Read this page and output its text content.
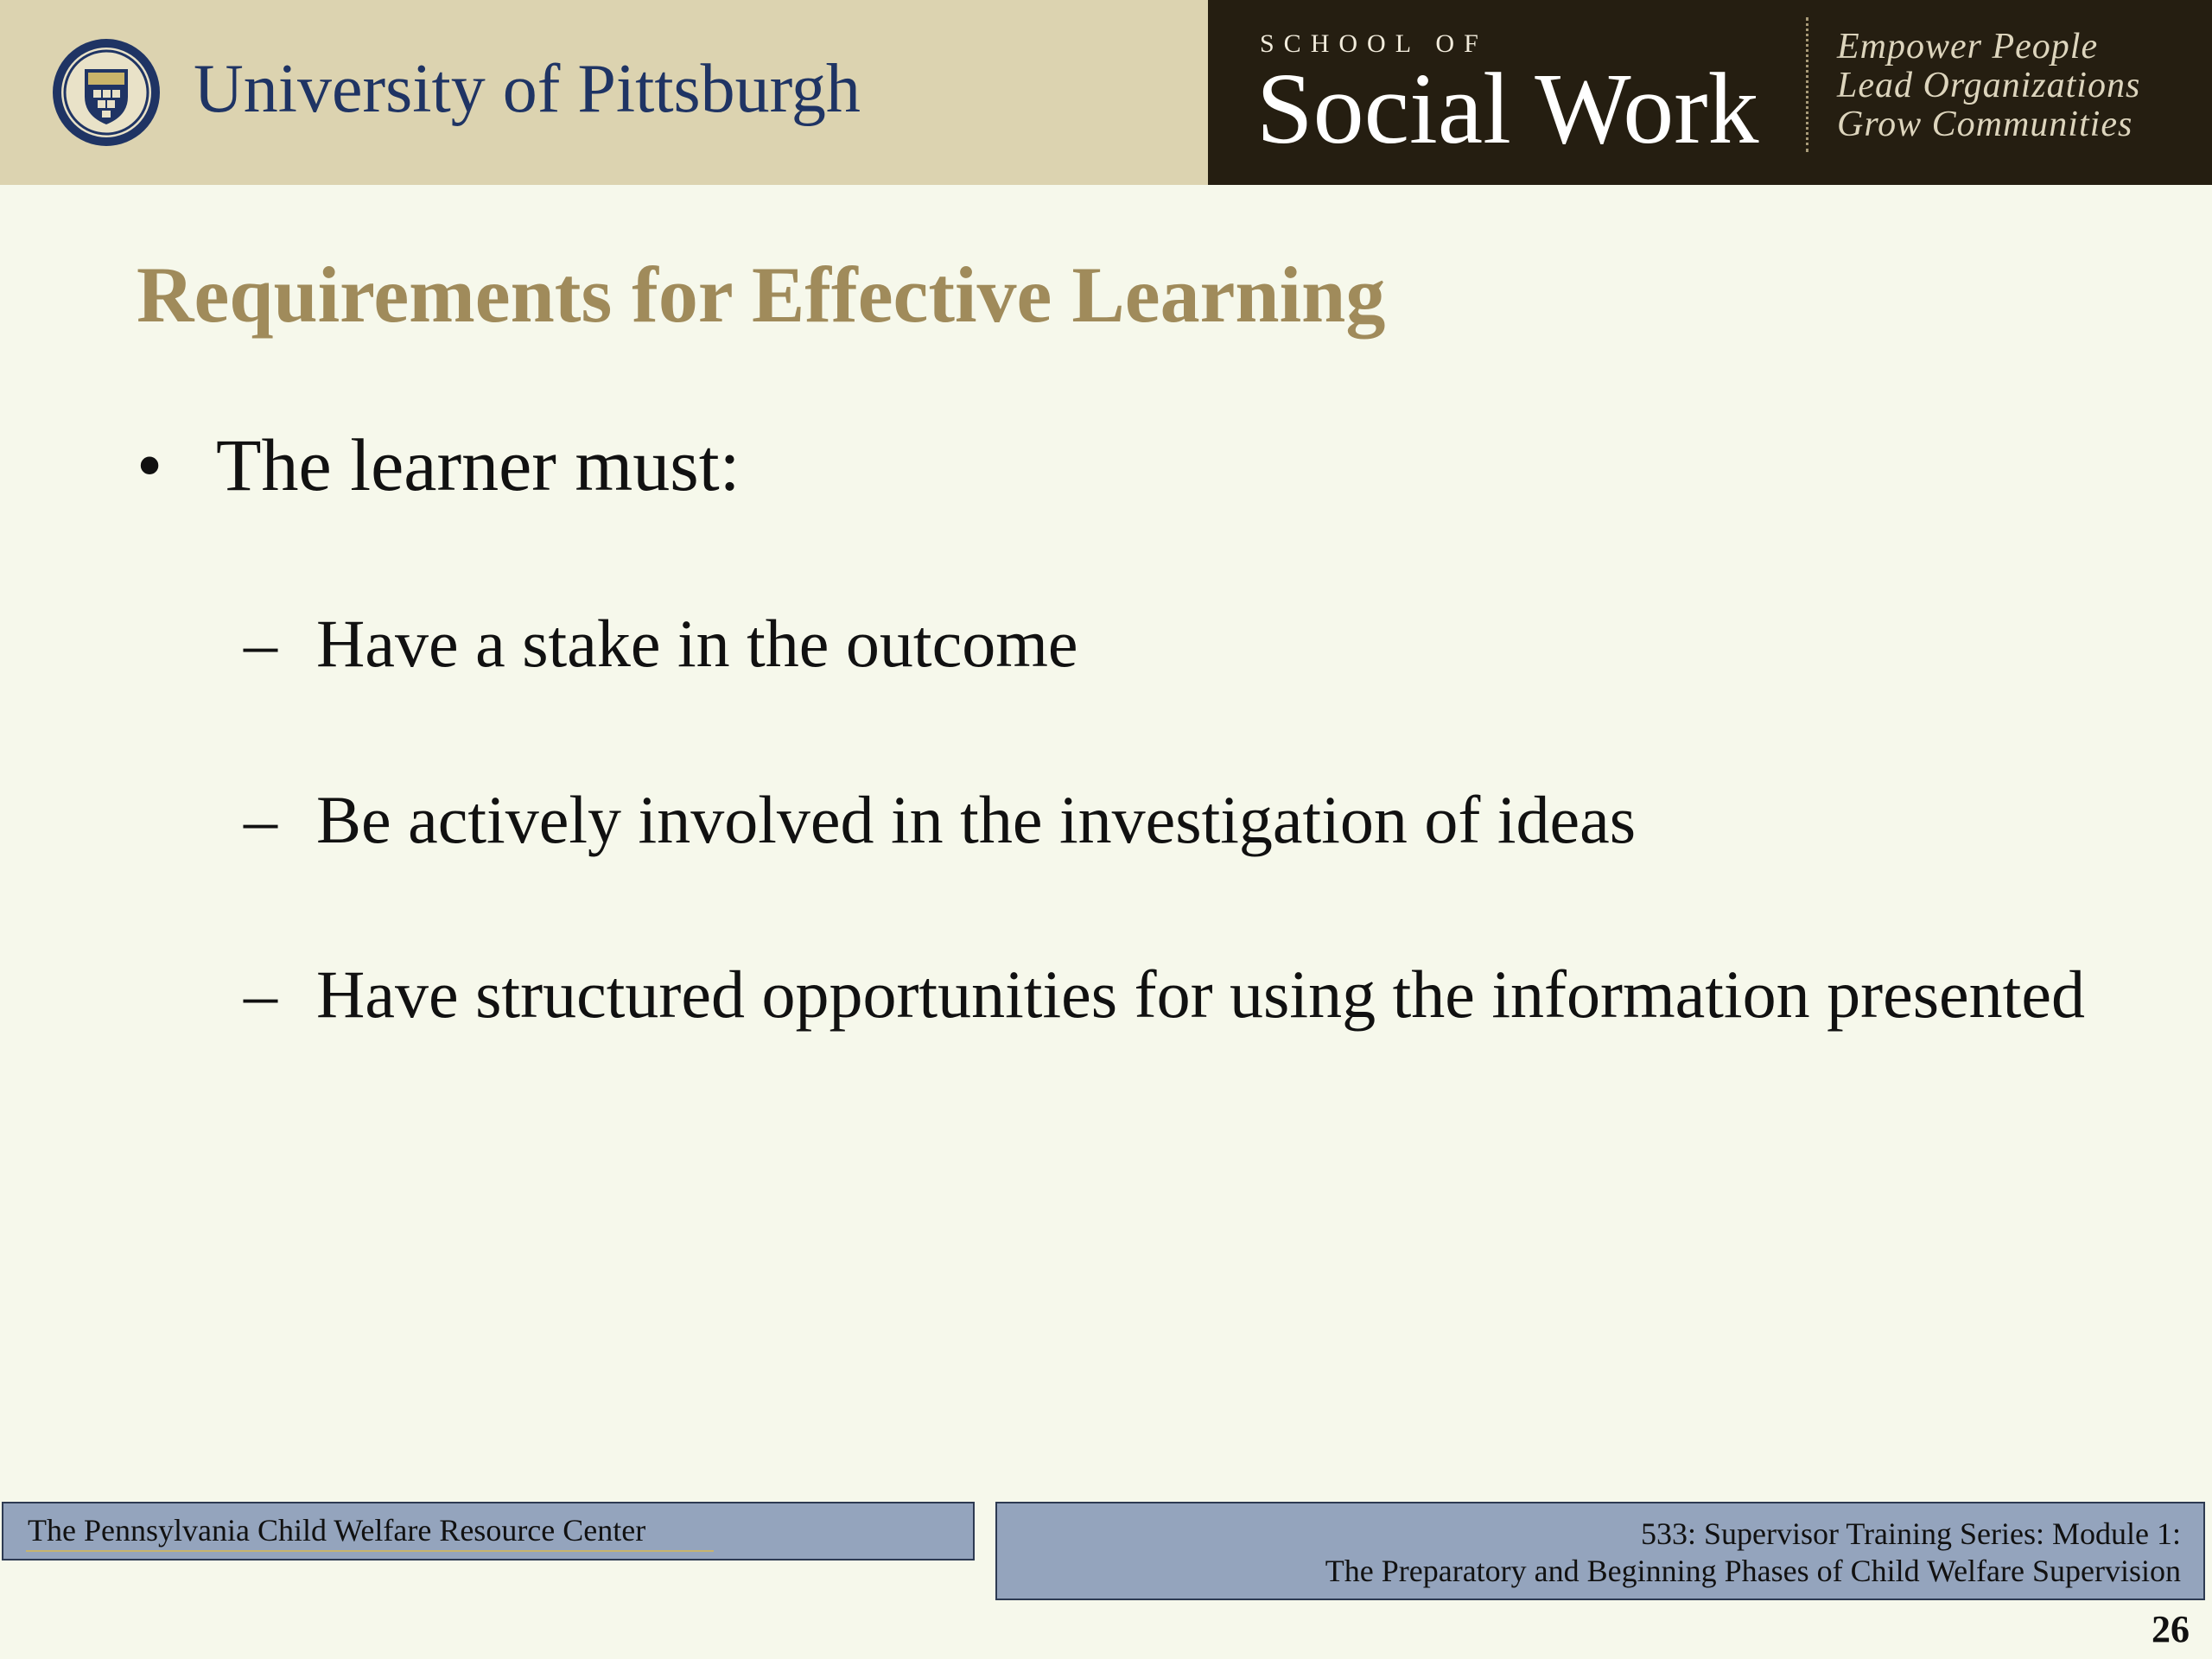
University of Pittsburgh
SCHOOL OF
Social Work
Empower People
Lead Organizations
Grow Communities
Requirements for Effective Learning
• The learner must:
– Have a stake in the outcome
– Be actively involved in the investigation of ideas
– Have structured opportunities for using the information presented
The Pennsylvania Child Welfare Resource Center	533: Supervisor Training Series: Module 1:
The Preparatory and Beginning Phases of Child Welfare Supervision
26
